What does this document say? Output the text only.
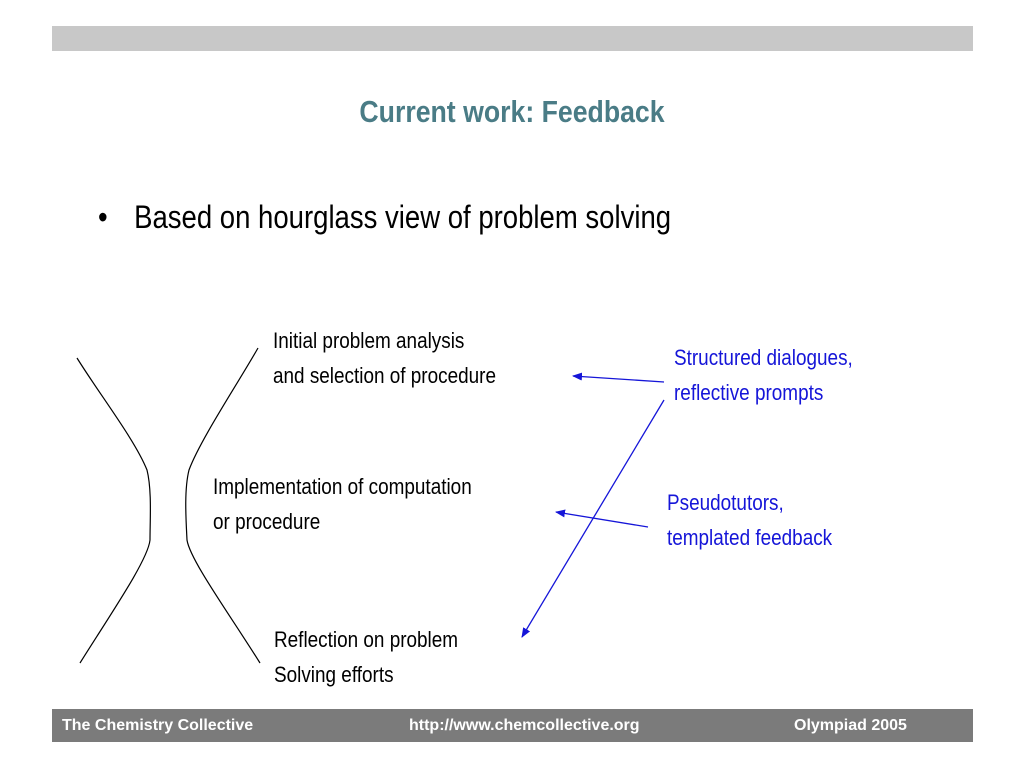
Current work: Feedback
• Based on hourglass view of problem solving
Initial problem analysis
and selection of procedure
Implementation of computation
or procedure
Reflection on problem
Solving efforts
Structured dialogues,
reflective prompts
Pseudotutors,
templated feedback
The Chemistry Collective	http://www.chemcollective.org	Olympiad 2005
